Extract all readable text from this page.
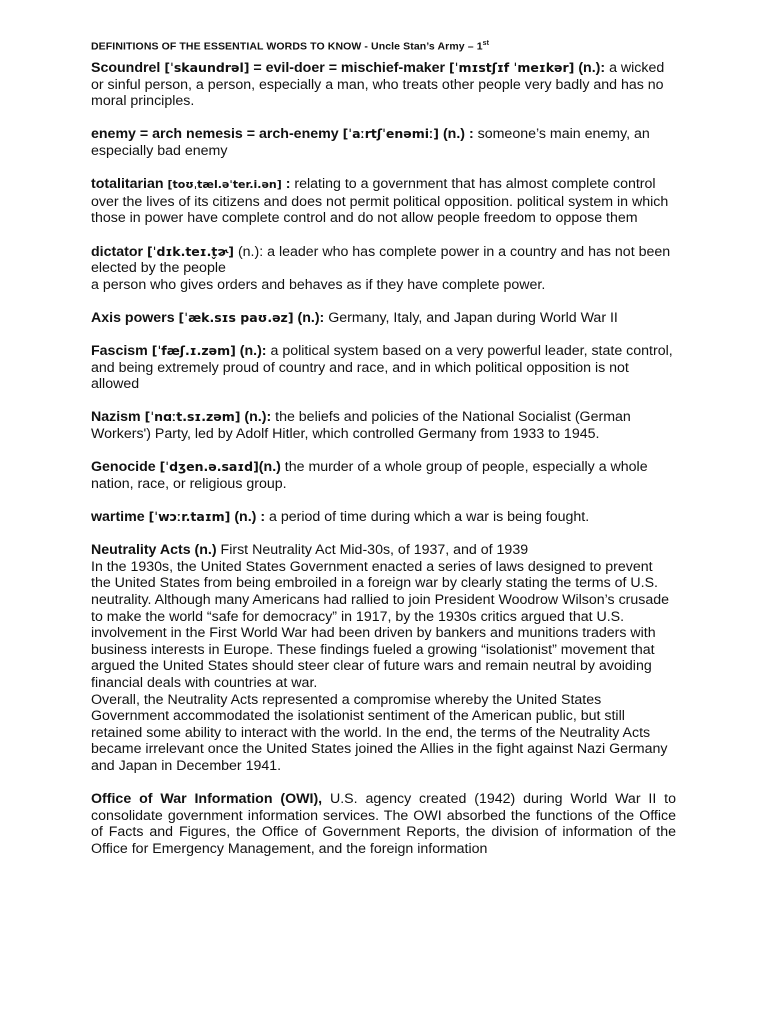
DEFINITIONS OF THE ESSENTIAL WORDS TO KNOW - Uncle Stan’s Army – 1st
Scoundrel [ˈskaundrəl] = evil-doer = mischief-maker [ˈmɪstʃɪf ˈmeɪkər] (n.): a wicked or sinful person, a person, especially a man, who treats other people very badly and has no moral principles.
enemy = arch nemesis = arch-enemy [ˈaːrtʃˈenəmiː] (n.) : someone’s main enemy, an especially bad enemy
totalitarian [toʊˌtæl.əˈter.i.ən] : relating to a government that has almost complete control over the lives of its citizens and does not permit political opposition. political system in which those in power have complete control and do not allow people freedom to oppose them
dictator [ˈdɪk.teɪ.t̬ɚ] (n.): a leader who has complete power in a country and has not been elected by the people
a person who gives orders and behaves as if they have complete power.
Axis powers [ˈæk.sɪs paʊ.əz] (n.): Germany, Italy, and Japan during World War II
Fascism [ˈfæʃ.ɪ.zəm] (n.): a political system based on a very powerful leader, state control, and being extremely proud of country and race, and in which political opposition is not allowed
Nazism [ˈnɑːt.sɪ.zəm] (n.): the beliefs and policies of the National Socialist (German Workers') Party, led by Adolf Hitler, which controlled Germany from 1933 to 1945.
Genocide [ˈdʒen.ə.saɪd](n.) the murder of a whole group of people, especially a whole nation, race, or religious group.
wartime [ˈwɔːr.taɪm] (n.) : a period of time during which a war is being fought.
Neutrality Acts (n.) First Neutrality Act Mid-30s, of 1937, and of 1939
In the 1930s, the United States Government enacted a series of laws designed to prevent the United States from being embroiled in a foreign war by clearly stating the terms of U.S. neutrality. Although many Americans had rallied to join President Woodrow Wilson’s crusade to make the world “safe for democracy” in 1917, by the 1930s critics argued that U.S. involvement in the First World War had been driven by bankers and munitions traders with business interests in Europe. These findings fueled a growing “isolationist” movement that argued the United States should steer clear of future wars and remain neutral by avoiding financial deals with countries at war.
Overall, the Neutrality Acts represented a compromise whereby the United States Government accommodated the isolationist sentiment of the American public, but still retained some ability to interact with the world. In the end, the terms of the Neutrality Acts became irrelevant once the United States joined the Allies in the fight against Nazi Germany and Japan in December 1941.
Office of War Information (OWI), U.S. agency created (1942) during World War II to consolidate government information services. The OWI absorbed the functions of the Office of Facts and Figures, the Office of Government Reports, the division of information of the Office for Emergency Management, and the foreign information
